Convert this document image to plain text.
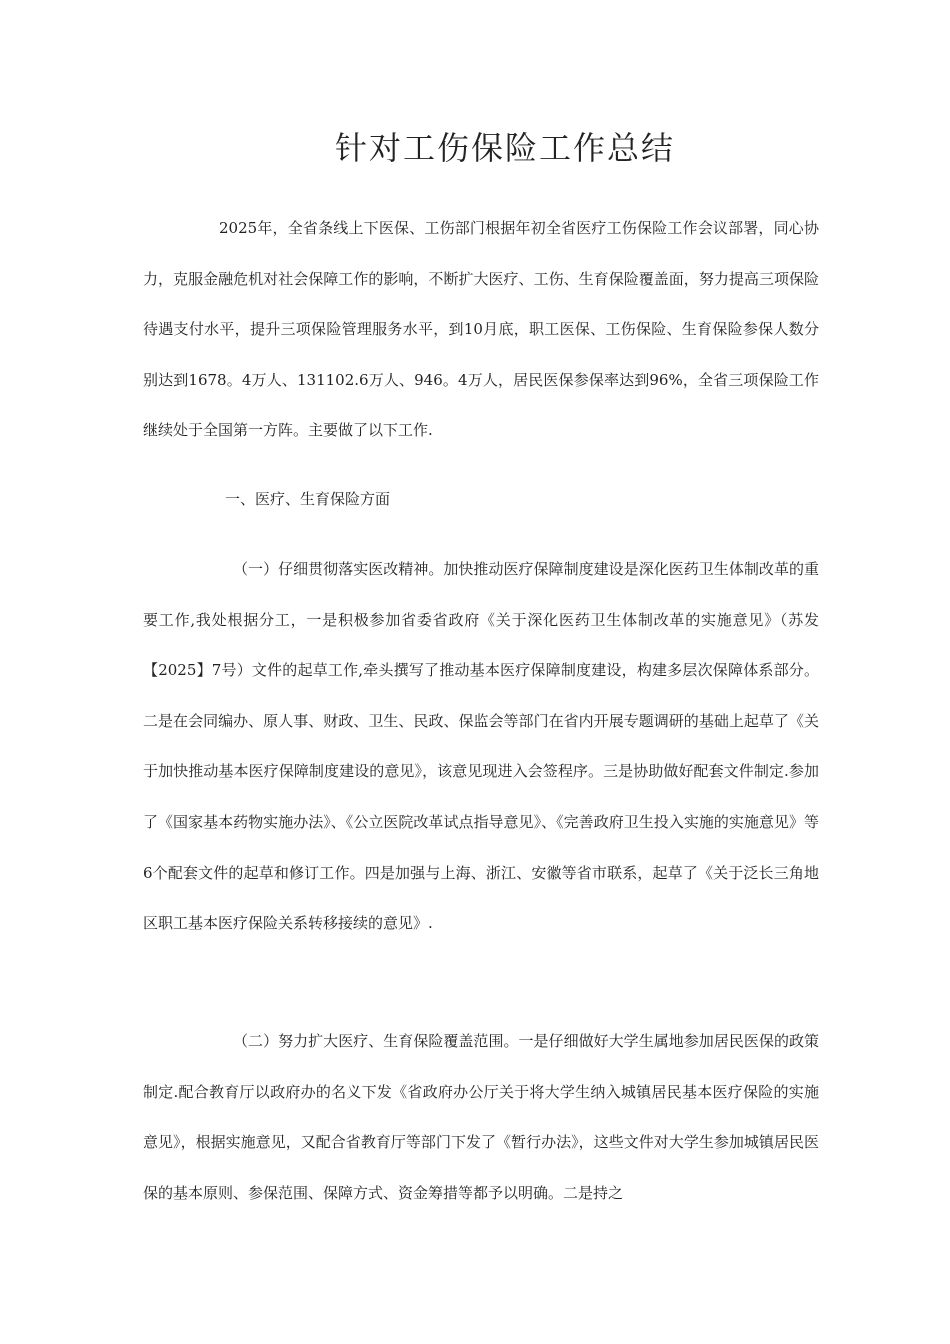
针对工伤保险工作总结
2025年，全省条线上下医保、工伤部门根据年初全省医疗工伤保险工作会议部署，同心协力，克服金融危机对社会保障工作的影响，不断扩大医疗、工伤、生育保险覆盖面，努力提高三项保险待遇支付水平，提升三项保险管理服务水平，到10月底，职工医保、工伤保险、生育保险参保人数分别达到1678。4万人、131102.6万人、946。4万人，居民医保参保率达到96%，全省三项保险工作继续处于全国第一方阵。主要做了以下工作.
一、医疗、生育保险方面
（一）仔细贯彻落实医改精神。加快推动医疗保障制度建设是深化医药卫生体制改革的重要工作,我处根据分工，一是积极参加省委省政府《关于深化医药卫生体制改革的实施意见》（苏发【2025】7号）文件的起草工作,牵头撰写了推动基本医疗保障制度建设，构建多层次保障体系部分。二是在会同编办、原人事、财政、卫生、民政、保监会等部门在省内开展专题调研的基础上起草了《关于加快推动基本医疗保障制度建设的意见》，该意见现进入会签程序。三是协助做好配套文件制定.参加了《国家基本药物实施办法》、《公立医院改革试点指导意见》、《完善政府卫生投入实施的实施意见》等6个配套文件的起草和修订工作。四是加强与上海、浙江、安徽等省市联系，起草了《关于泛长三角地区职工基本医疗保险关系转移接续的意见》.
（二）努力扩大医疗、生育保险覆盖范围。一是仔细做好大学生属地参加居民医保的政策制定.配合教育厅以政府办的名义下发《省政府办公厅关于将大学生纳入城镇居民基本医疗保险的实施意见》，根据实施意见，又配合省教育厅等部门下发了《暂行办法》，这些文件对大学生参加城镇居民医保的基本原则、参保范围、保障方式、资金筹措等都予以明确。二是持之
